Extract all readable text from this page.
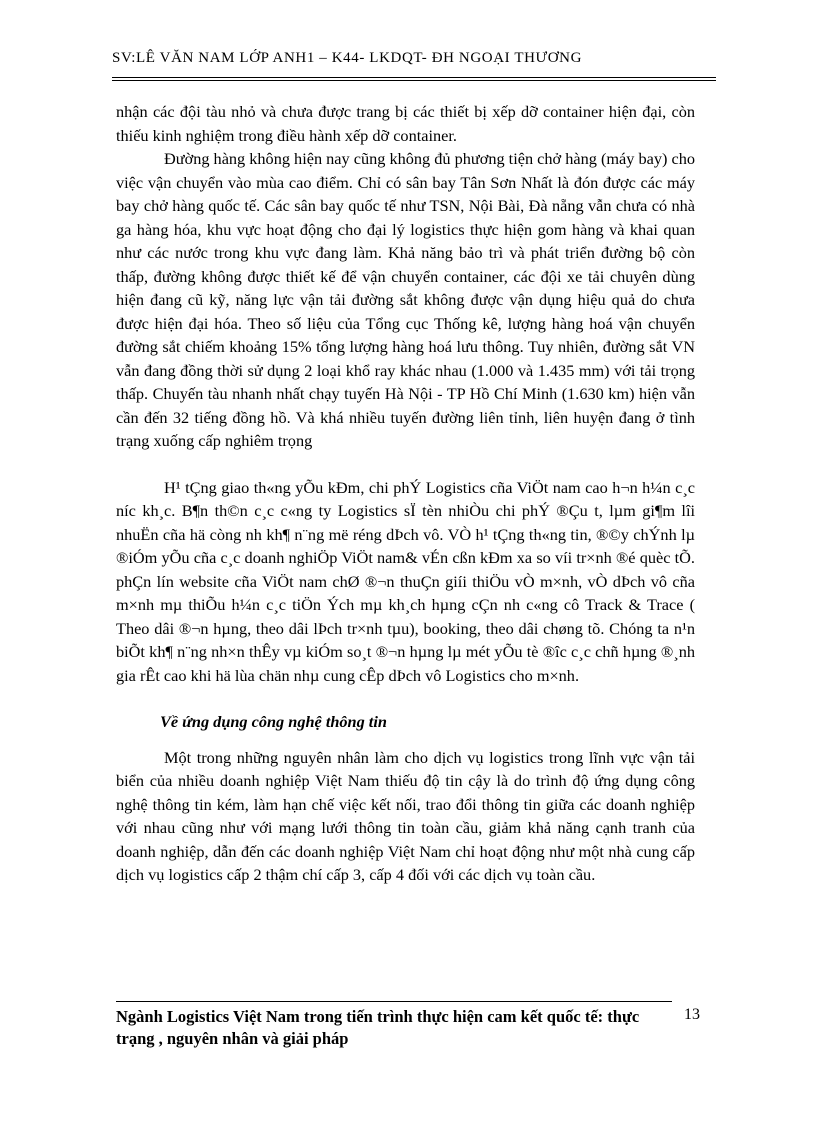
SV:LÊ VĂN NAM LỚP ANH1 – K44- LKDQT- ĐH NGOẠI THƯƠNG

nhận các đội tàu nhỏ và chưa được trang bị các thiết bị xếp dỡ container hiện đại, còn thiếu kinh nghiệm trong điều hành xếp dỡ container.

Đường hàng không hiện nay cũng không đủ phương tiện chở hàng (máy bay) cho việc vận chuyển vào mùa cao điểm. Chỉ có sân bay Tân Sơn Nhất là đón được các máy bay chở hàng quốc tế. Các sân bay quốc tế như TSN, Nội Bài, Đà nẵng vẫn chưa có nhà ga hàng hóa, khu vực hoạt động cho đại lý logistics thực hiện gom hàng và khai quan như các nước trong khu vực đang làm. Khả năng bảo trì và phát triển đường bộ còn thấp, đường không được thiết kế để vận chuyển container, các đội xe tải chuyên dùng hiện đang cũ kỹ, năng lực vận tải đường sắt không được vận dụng hiệu quả do chưa được hiện đại hóa. Theo số liệu của Tổng cục Thống kê, lượng hàng hoá vận chuyển đường sắt chiếm khoảng 15% tổng lượng hàng hoá lưu thông. Tuy nhiên, đường sắt VN vẫn đang đồng thời sử dụng 2 loại khổ ray khác nhau (1.000 và 1.435 mm) với tải trọng thấp. Chuyến tàu nhanh nhất chạy tuyến Hà Nội - TP Hồ Chí Minh (1.630 km) hiện vẫn cần đến 32 tiếng đồng hồ. Và khá nhiều tuyến đường liên tỉnh, liên huyện đang ở tình trạng xuống cấp nghiêm trọng

H¹ tÇng giao th«ng yÕu kÐm, chi phÝ Logistics cña ViÖt nam cao h¬n h¼n c¸c níc kh¸c. B¶n th©n c¸c c«ng ty Logistics sÏ tèn nhiÒu chi phÝ ®Çu t, lµm gi¶m lîi nhuËn cña hä còng nh kh¶ n¨ng më réng dÞch vô. VÒ h¹ tÇng th«ng tin, ®©y chÝnh lµ ®iÓm yÕu cña c¸c doanh nghiÖp ViÖt nam& vÉn cßn kÐm xa so víi tr×nh ®é quèc tÕ. phÇn lín website cña ViÖt nam chØ ®¬n thuÇn giíi thiÖu vÒ m×nh, vÒ dÞch vô cña m×nh mµ thiÕu h¼n c¸c tiÖn Ých mµ kh¸ch hµng cÇn nh c«ng cô Track & Trace ( Theo dâi ®¬n hµng, theo dâi lÞch tr×nh tµu), booking, theo dâi chøng tõ. Chóng ta n¹n biÕt kh¶ n¨ng nh×n thÊy vµ kiÓm so¸t ®¬n hµng lµ mét yÕu tè ®îc c¸c chñ hµng ®¸nh gia rÊt cao khi hä lùa chän nhµ cung cÊp dÞch vô Logistics cho m×nh.

Về ứng dụng công nghệ thông tin

Một trong những nguyên nhân làm cho dịch vụ logistics trong lĩnh vực vận tải biển của nhiều doanh nghiệp Việt Nam thiếu độ tin cậy là do trình độ ứng dụng công nghệ thông tin kém, làm hạn chế việc kết nối, trao đổi thông tin giữa các doanh nghiệp với nhau cũng như với mạng lưới thông tin toàn cầu, giảm khả năng cạnh tranh của doanh nghiệp, dẫn đến các doanh nghiệp Việt Nam chỉ hoạt động như một nhà cung cấp dịch vụ logistics cấp 2 thậm chí cấp 3, cấp 4 đối với các dịch vụ toàn cầu.

Ngành Logistics Việt Nam trong tiến trình thực hiện cam kết quốc tế: thực trạng , nguyên nhân và giải pháp
13
